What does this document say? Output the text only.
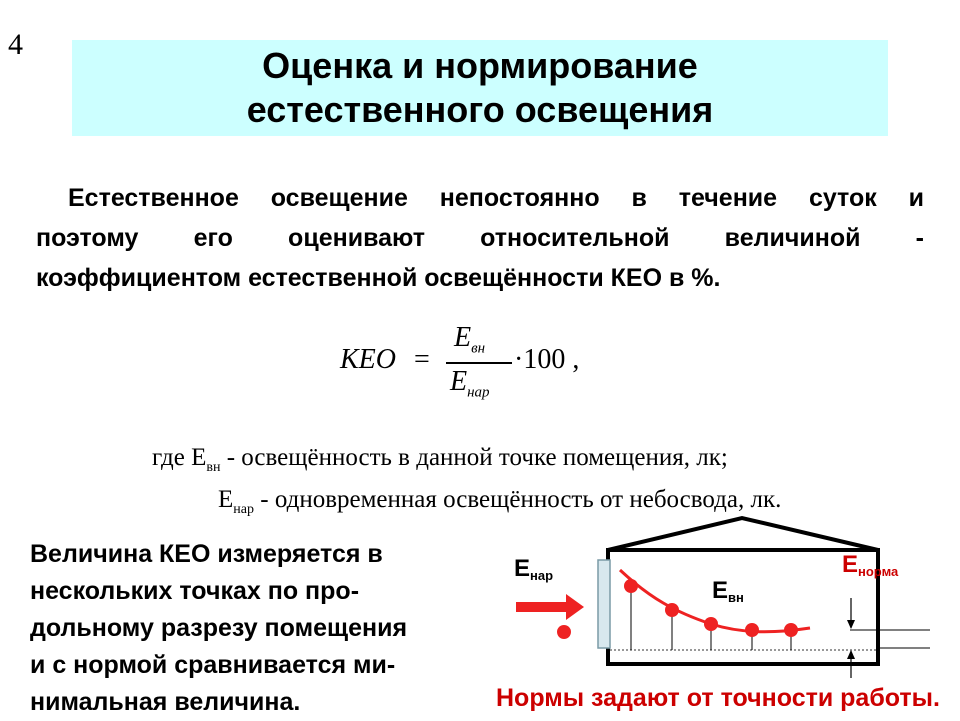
4
Оценка и нормирование
естественного освещения
Естественное освещение непостоянно в течение суток и
поэтому его оценивают относительной величиной -
коэффициентом естественной освещённости КЕО в %.
КЕО =
$E_{вн}$
$E_{нар}$
·100 ,
где $Е_{вн}$ - освещённость в данной точке помещения, лк;
$Е_{нар}$ - одновременная освещённость от небосвода, лк.
Величина КЕО измеряется в
нескольких точках по про-
дольному разрезу помещения
и с нормой сравнивается ми-
нимальная величина.
Енар
Евн
Енорма
Нормы задают от точности работы.
